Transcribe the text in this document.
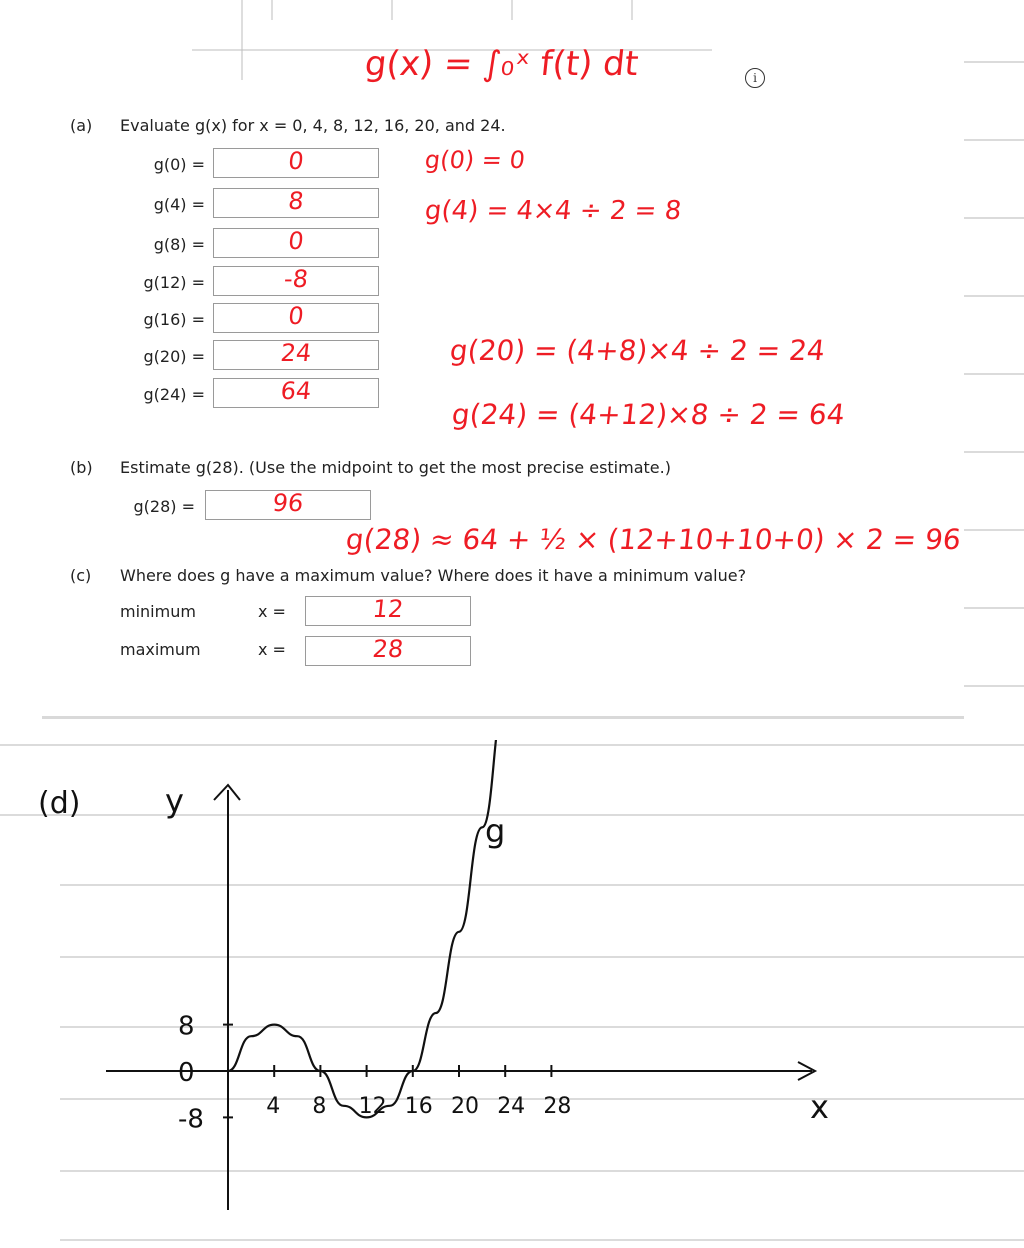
g(x) = ∫₀ˣ f(t) dt	i
(a) Evaluate g(x) for x = 0, 4, 8, 12, 16, 20, and 24.
g(0) =	0
g(4) =	8
g(8) =	0
g(12) =	-8
g(16) =	0
g(20) =	24
g(24) =	64
g(0) = 0
g(4) = 4×4 ÷ 2 = 8
g(20) = (4+8)×4 ÷ 2 = 24
g(24) = (4+12)×8 ÷ 2 = 64
(b) Estimate g(28). (Use the midpoint to get the most precise estimate.)
g(28) =	96
g(28) ≈ 64 + ½ × (12+10+10+0) × 2 = 96
(c) Where does g have a maximum value? Where does it have a minimum value?
minimum	x =	12
maximum	x =	28
(d)	y
x
g
8
0
-8	4 8 12 16 20 24 28
